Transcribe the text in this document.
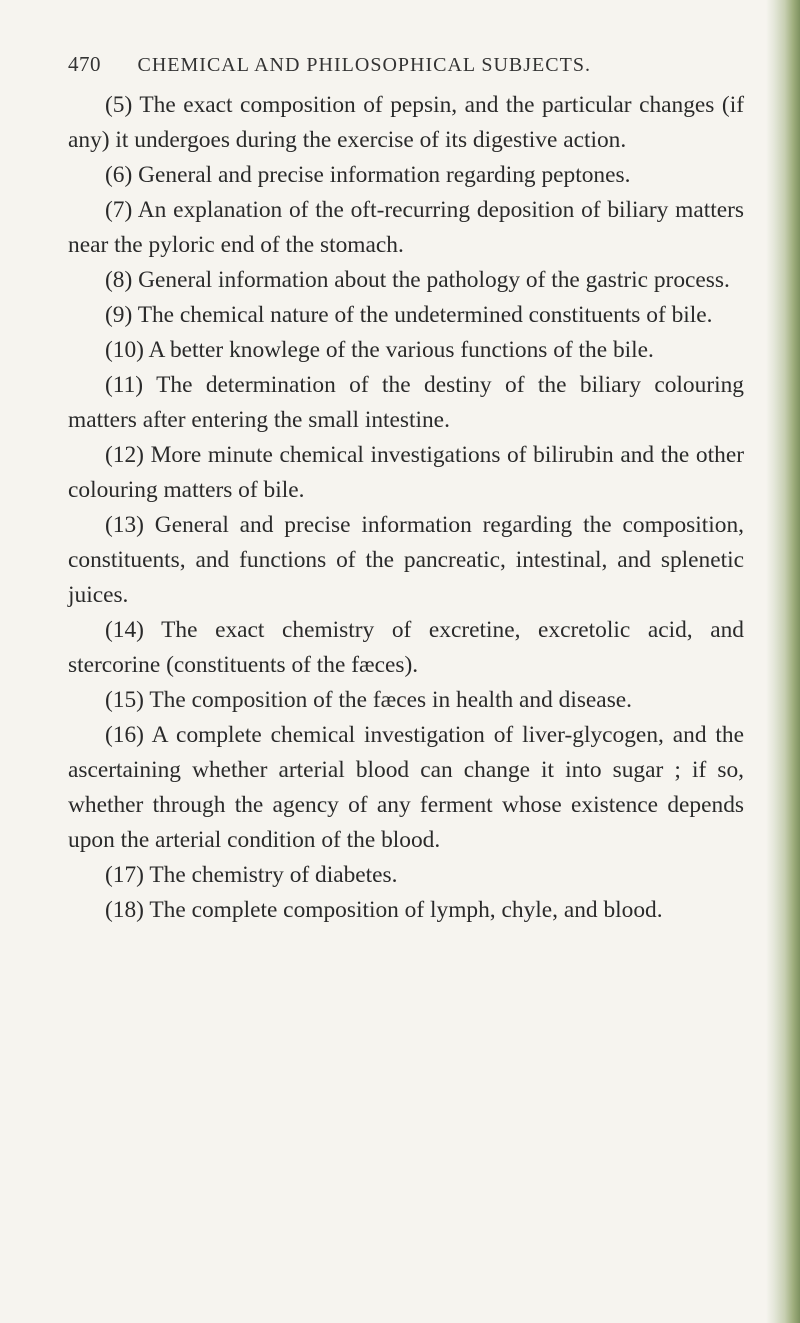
470 CHEMICAL AND PHILOSOPHICAL SUBJECTS.

(5) The exact composition of pepsin, and the particular changes (if any) it undergoes during the exercise of its digestive action.

(6) General and precise information regarding peptones.

(7) An explanation of the oft-recurring deposition of biliary matters near the pyloric end of the stomach.

(8) General information about the pathology of the gastric process.

(9) The chemical nature of the undetermined constituents of bile.

(10) A better knowlege of the various functions of the bile.

(11) The determination of the destiny of the biliary colouring matters after entering the small intestine.

(12) More minute chemical investigations of bilirubin and the other colouring matters of bile.

(13) General and precise information regarding the composition, constituents, and functions of the pancreatic, intestinal, and splenetic juices.

(14) The exact chemistry of excretine, excretolic acid, and stercorine (constituents of the fæces).

(15) The composition of the fæces in health and disease.

(16) A complete chemical investigation of liver-glycogen, and the ascertaining whether arterial blood can change it into sugar ; if so, whether through the agency of any ferment whose existence depends upon the arterial condition of the blood.

(17) The chemistry of diabetes.

(18) The complete composition of lymph, chyle, and blood.
